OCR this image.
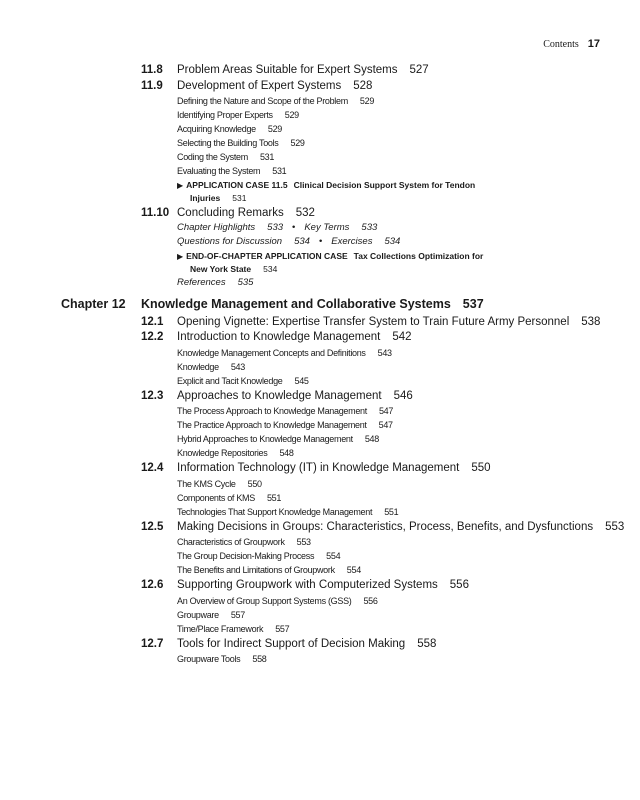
Contents 17
11.8 Problem Areas Suitable for Expert Systems 527
11.9 Development of Expert Systems 528
Defining the Nature and Scope of the Problem 529
Identifying Proper Experts 529
Acquiring Knowledge 529
Selecting the Building Tools 529
Coding the System 531
Evaluating the System 531
▶ APPLICATION CASE 11.5 Clinical Decision Support System for Tendon Injuries 531
11.10 Concluding Remarks 532
Chapter Highlights 533 • Key Terms 533
Questions for Discussion 534 • Exercises 534
▶ END-OF-CHAPTER APPLICATION CASE Tax Collections Optimization for New York State 534
References 535
Chapter 12 Knowledge Management and Collaborative Systems 537
12.1 Opening Vignette: Expertise Transfer System to Train Future Army Personnel 538
12.2 Introduction to Knowledge Management 542
Knowledge Management Concepts and Definitions 543
Knowledge 543
Explicit and Tacit Knowledge 545
12.3 Approaches to Knowledge Management 546
The Process Approach to Knowledge Management 547
The Practice Approach to Knowledge Management 547
Hybrid Approaches to Knowledge Management 548
Knowledge Repositories 548
12.4 Information Technology (IT) in Knowledge Management 550
The KMS Cycle 550
Components of KMS 551
Technologies That Support Knowledge Management 551
12.5 Making Decisions in Groups: Characteristics, Process, Benefits, and Dysfunctions 553
Characteristics of Groupwork 553
The Group Decision-Making Process 554
The Benefits and Limitations of Groupwork 554
12.6 Supporting Groupwork with Computerized Systems 556
An Overview of Group Support Systems (GSS) 556
Groupware 557
Time/Place Framework 557
12.7 Tools for Indirect Support of Decision Making 558
Groupware Tools 558
